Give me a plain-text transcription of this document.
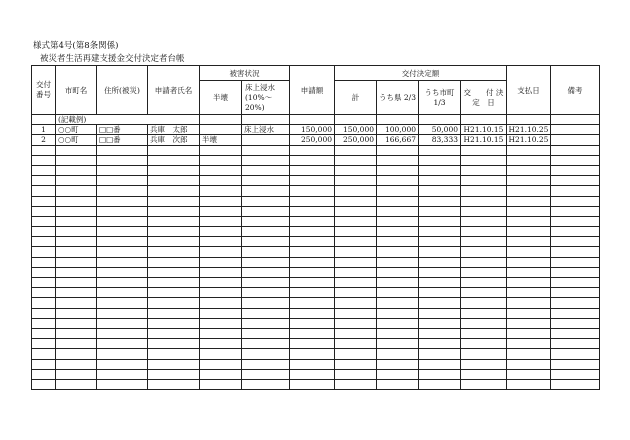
様式第4号(第8条関係)
被災者生活再建支援金交付決定者台帳
交付 番号	市町名	住所(被災)	申請者氏名	被害状況		申請額	交付決定額				支払日	備考
							計	うち県 2/3	うち市町 1/3	交　　付 決　定　日		
				半壊	床上浸水 (10%～ 20%)							
	(記載例)											
1	○○町	□□番	兵庫　太郎		床上浸水	150,000	150,000	100,000	50,000	H21.10.15	H21.10.25	
2	○○町	□□番	兵庫　次郎	半壊		250,000	250,000	166,667	83,333	H21.10.15	H21.10.25	
